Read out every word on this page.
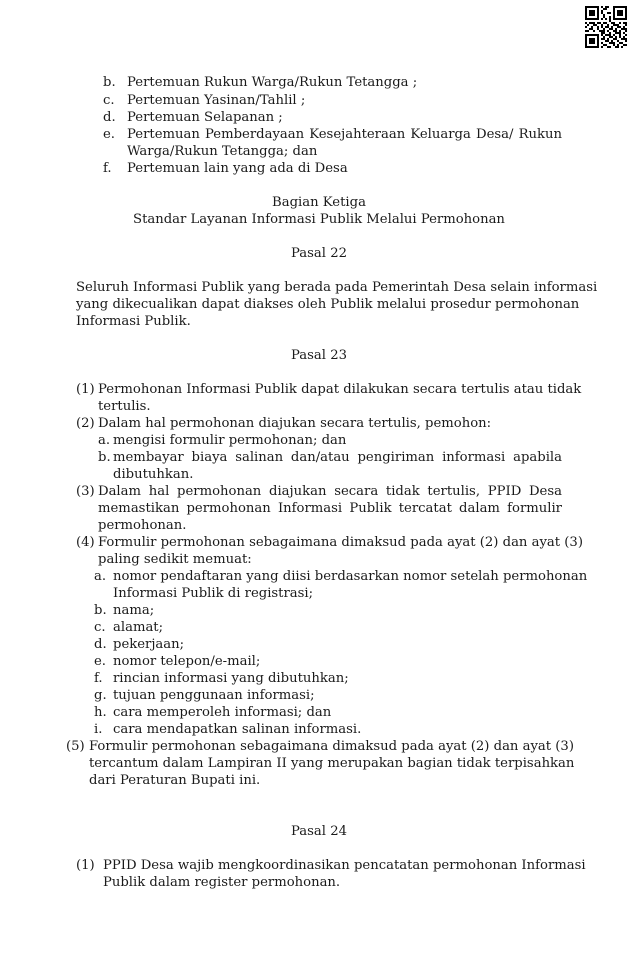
b. Pertemuan Rukun Warga/Rukun Tetangga ;
c. Pertemuan Yasinan/Tahlil ;
d. Pertemuan Selapanan ;
e. Pertemuan Pemberdayaan Kesejahteraan Keluarga Desa/ Rukun
Warga/Rukun Tetangga; dan
f. Pertemuan lain yang ada di Desa
Bagian Ketiga
Standar Layanan Informasi Publik Melalui Permohonan
Pasal 22
Seluruh Informasi Publik yang berada pada Pemerintah Desa selain informasi
yang dikecualikan dapat diakses oleh Publik melalui prosedur permohonan
Informasi Publik.
Pasal 23
(1) Permohonan Informasi Publik dapat dilakukan secara tertulis atau tidak
tertulis.
(2) Dalam hal permohonan diajukan secara tertulis, pemohon:
a. mengisi formulir permohonan; dan
b. membayar biaya salinan dan/atau pengiriman informasi apabila
dibutuhkan.
(3) Dalam hal permohonan diajukan secara tidak tertulis, PPID Desa
memastikan permohonan Informasi Publik tercatat dalam formulir
permohonan.
(4) Formulir permohonan sebagaimana dimaksud pada ayat (2) dan ayat (3)
paling sedikit memuat:
a. nomor pendaftaran yang diisi berdasarkan nomor setelah permohonan
Informasi Publik di registrasi;
b. nama;
c. alamat;
d. pekerjaan;
e. nomor telepon/e-mail;
f. rincian informasi yang dibutuhkan;
g. tujuan penggunaan informasi;
h. cara memperoleh informasi; dan
i. cara mendapatkan salinan informasi.
(5) Formulir permohonan sebagaimana dimaksud pada ayat (2) dan ayat (3)
tercantum dalam Lampiran II yang merupakan bagian tidak terpisahkan
dari Peraturan Bupati ini.
Pasal 24
(1) PPID Desa wajib mengkoordinasikan pencatatan permohonan Informasi
Publik dalam register permohonan.
